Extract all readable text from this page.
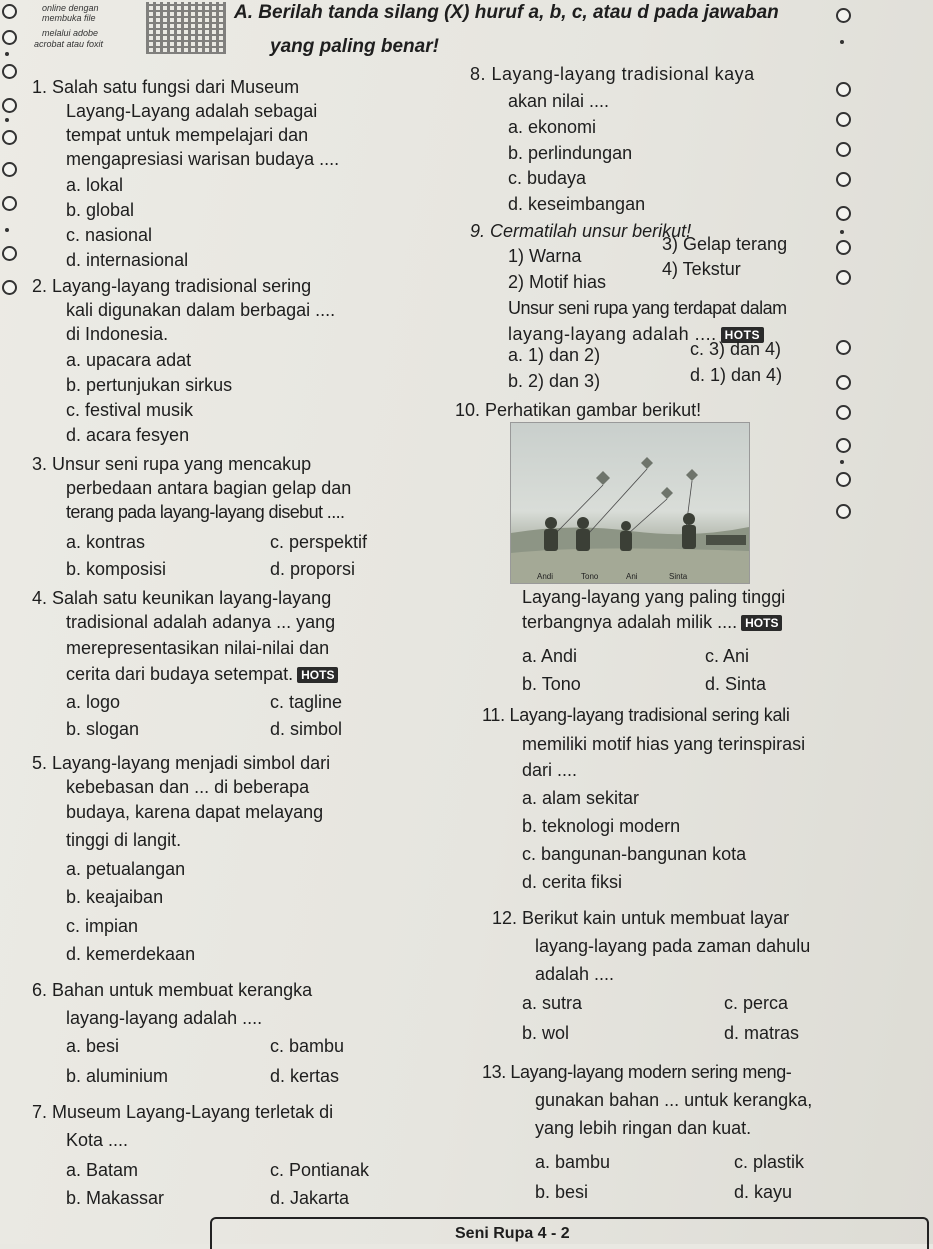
online dengan
membuka file
melalui adobe
acrobat atau foxit
A. Berilah tanda silang (X) huruf a, b, c, atau d pada jawaban
yang paling benar!
1. Salah satu fungsi dari Museum
Layang-Layang adalah sebagai
tempat untuk mempelajari dan
mengapresiasi warisan budaya ....
a. lokal
b. global
c. nasional
d. internasional
2. Layang-layang tradisional sering
kali digunakan dalam berbagai ....
di Indonesia.
a. upacara adat
b. pertunjukan sirkus
c. festival musik
d. acara fesyen
3. Unsur seni rupa yang mencakup
perbedaan antara bagian gelap dan
terang pada layang-layang disebut ....
a. kontras
b. komposisi
c. perspektif
d. proporsi
4. Salah satu keunikan layang-layang
tradisional adalah adanya ... yang
merepresentasikan nilai-nilai dan
cerita dari budaya setempat. HOTS
a. logo
b. slogan
c. tagline
d. simbol
5. Layang-layang menjadi simbol dari
kebebasan dan ... di beberapa
budaya, karena dapat melayang
tinggi di langit.
a. petualangan
b. keajaiban
c. impian
d. kemerdekaan
6. Bahan untuk membuat kerangka
layang-layang adalah ....
a. besi
b. aluminium
c. bambu
d. kertas
7. Museum Layang-Layang terletak di
Kota ....
a. Batam
b. Makassar
c. Pontianak
d. Jakarta
8. Layang-layang tradisional kaya
akan nilai ....
a. ekonomi
b. perlindungan
c. budaya
d. keseimbangan
9. Cermatilah unsur berikut!
1) Warna
3) Gelap terang
2) Motif hias
4) Tekstur
Unsur seni rupa yang terdapat dalam
layang-layang adalah .... HOTS
a. 1) dan 2)
b. 2) dan 3)
c. 3) dan 4)
d. 1) dan 4)
10. Perhatikan gambar berikut!
Andi	Tono	Ani	Sinta
Layang-layang yang paling tinggi
terbangnya adalah milik .... HOTS
a. Andi
b. Tono
c. Ani
d. Sinta
11. Layang-layang tradisional sering kali
memiliki motif hias yang terinspirasi
dari ....
a. alam sekitar
b. teknologi modern
c. bangunan-bangunan kota
d. cerita fiksi
12. Berikut kain untuk membuat layar
layang-layang pada zaman dahulu
adalah ....
a. sutra
b. wol
c. perca
d. matras
13. Layang-layang modern sering meng-
gunakan bahan ... untuk kerangka,
yang lebih ringan dan kuat.
a. bambu
b. besi
c. plastik
d. kayu
Seni Rupa 4 - 2
